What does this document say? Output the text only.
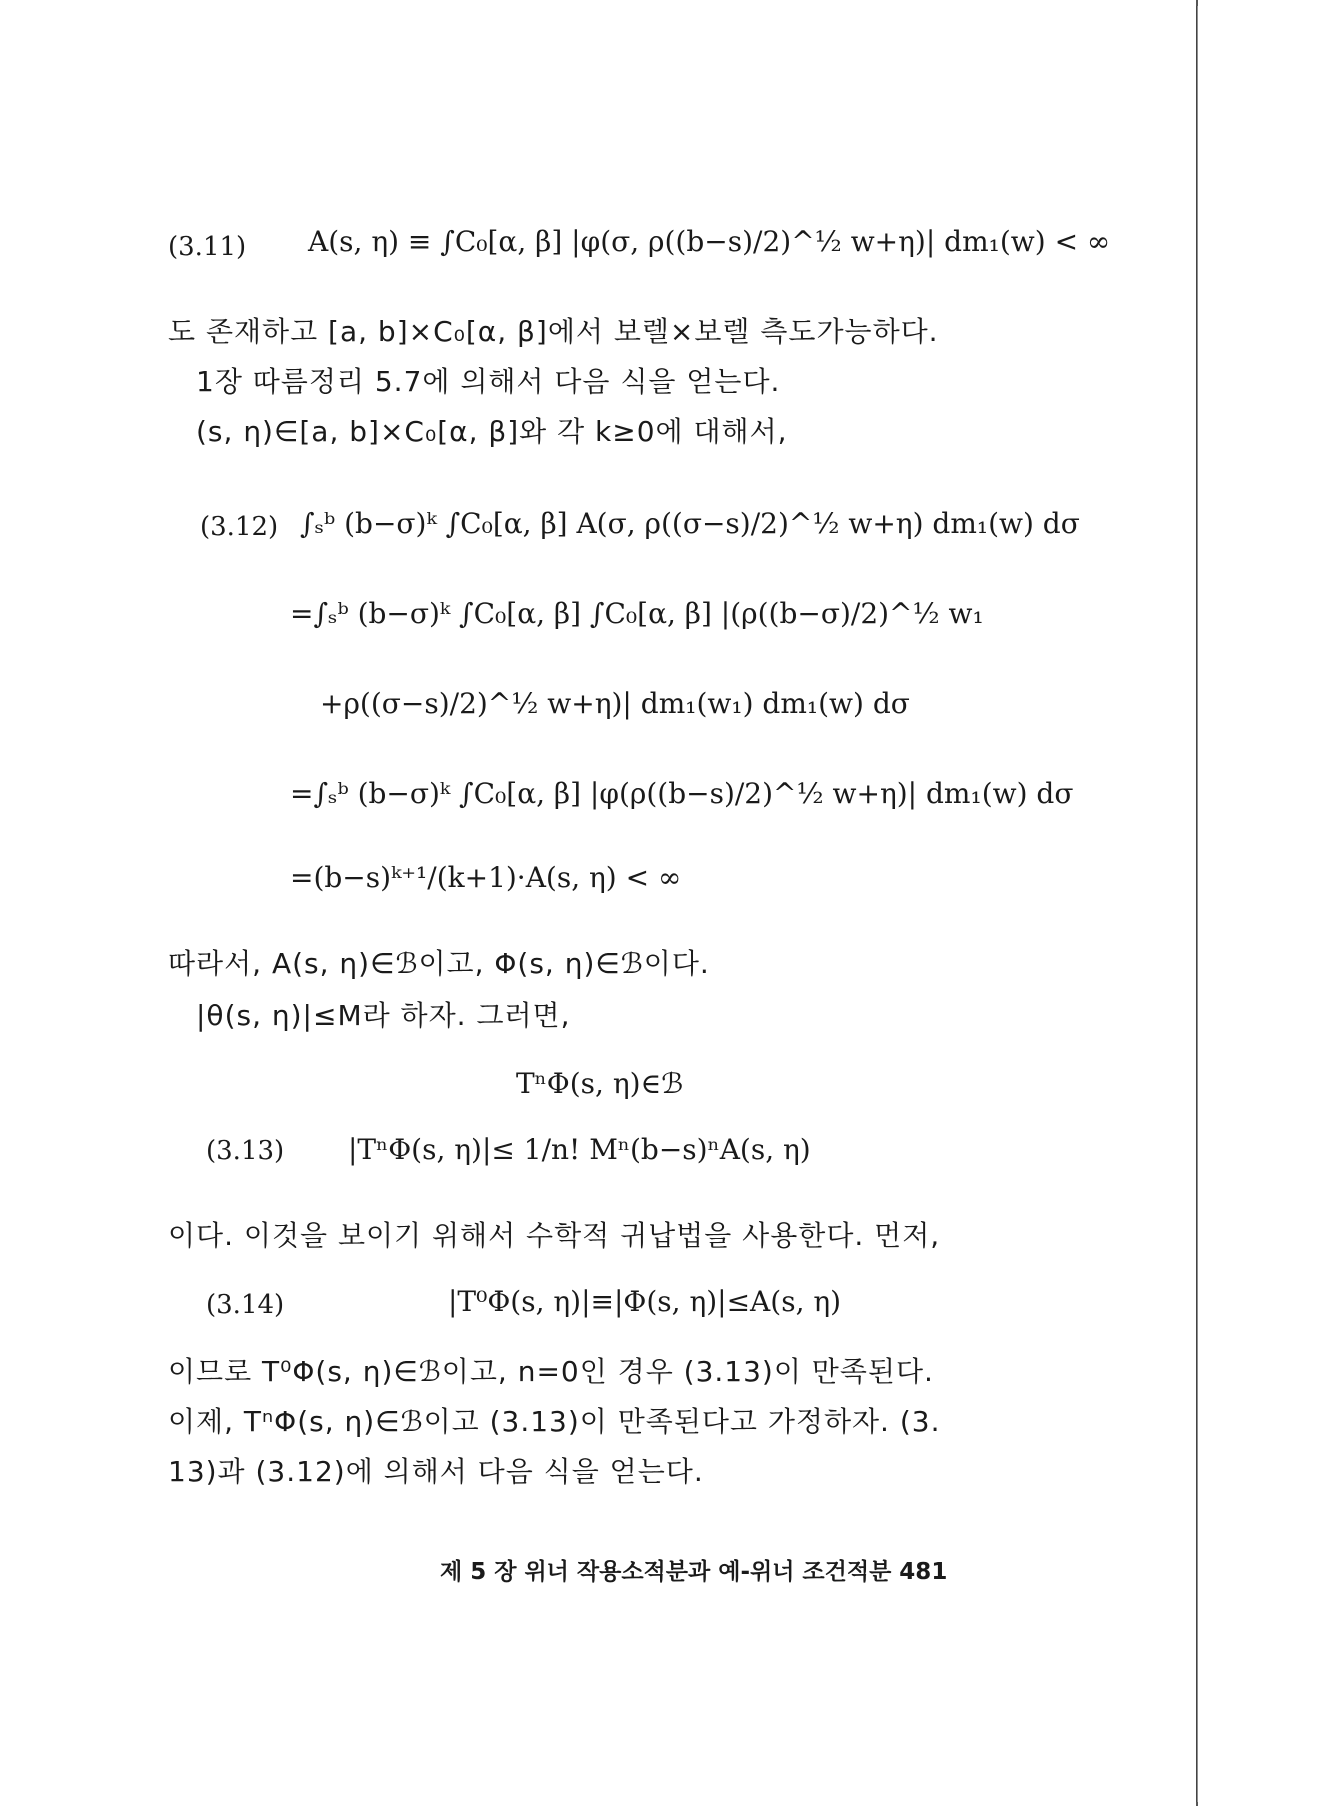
(3.11) A(s, η) ≡ ∫C₀[α, β] |φ(σ, ρ((b−s)/2)^½ w+η)| dm₁(w) < ∞
도 존재하고 [a, b]×C₀[α, β]에서 보렐×보렐 측도가능하다.
1장 따름정리 5.7에 의해서 다음 식을 얻는다.
(s, η)∈[a, b]×C₀[α, β]와 각 k≥0에 대해서,
(3.12) ∫ₛᵇ (b−σ)ᵏ ∫C₀[α, β] A(σ, ρ((σ−s)/2)^½ w+η) dm₁(w) dσ
=∫ₛᵇ (b−σ)ᵏ ∫C₀[α, β] ∫C₀[α, β] |(ρ((b−σ)/2)^½ w₁
+ρ((σ−s)/2)^½ w+η)| dm₁(w₁) dm₁(w) dσ
=∫ₛᵇ (b−σ)ᵏ ∫C₀[α, β] |φ(ρ((b−s)/2)^½ w+η)| dm₁(w) dσ
=(b−s)ᵏ⁺¹/(k+1)·A(s, η) < ∞
따라서, A(s, η)∈ℬ이고, Φ(s, η)∈ℬ이다.
|θ(s, η)|≤M라 하자. 그러면,
TⁿΦ(s, η)∈ℬ
(3.13) |TⁿΦ(s, η)|≤ 1/n! Mⁿ(b−s)ⁿA(s, η)
이다. 이것을 보이기 위해서 수학적 귀납법을 사용한다. 먼저,
(3.14)	|T⁰Φ(s, η)|≡|Φ(s, η)|≤A(s, η)
이므로 T⁰Φ(s, η)∈ℬ이고, n=0인 경우 (3.13)이 만족된다.
이제, TⁿΦ(s, η)∈ℬ이고 (3.13)이 만족된다고 가정하자. (3.
13)과 (3.12)에 의해서 다음 식을 얻는다.
제 5 장 위너 작용소적분과 예-위너 조건적분 481
